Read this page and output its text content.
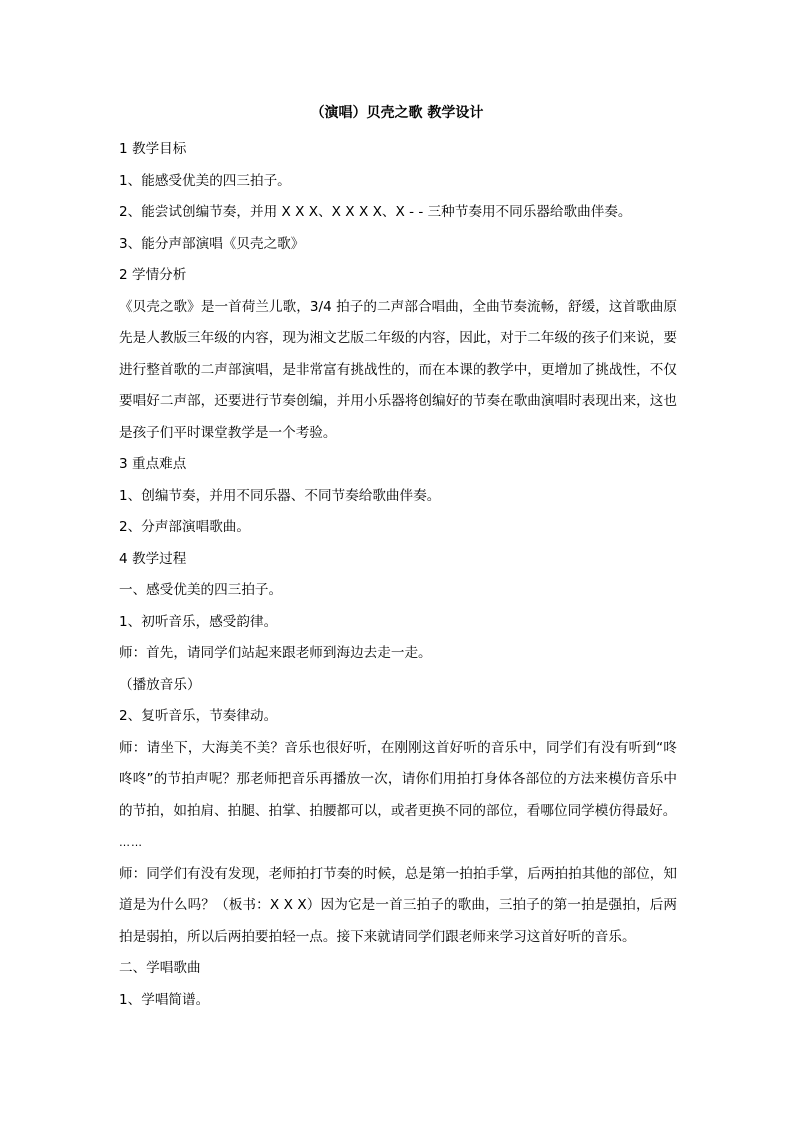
（演唱）贝壳之歌 教学设计

1 教学目标

1、能感受优美的四三拍子。

2、能尝试创编节奏，并用 X X X、X X X X、X - - 三种节奏用不同乐器给歌曲伴奏。

3、能分声部演唱《贝壳之歌》

2 学情分析

《贝壳之歌》是一首荷兰儿歌，3/4 拍子的二声部合唱曲，全曲节奏流畅，舒缓，这首歌曲原先是人教版三年级的内容，现为湘文艺版二年级的内容，因此，对于二年级的孩子们来说，要进行整首歌的二声部演唱，是非常富有挑战性的，而在本课的教学中，更增加了挑战性，不仅要唱好二声部，还要进行节奏创编，并用小乐器将创编好的节奏在歌曲演唱时表现出来，这也是孩子们平时课堂教学是一个考验。

3 重点难点

1、创编节奏，并用不同乐器、不同节奏给歌曲伴奏。

2、分声部演唱歌曲。

4 教学过程

一、感受优美的四三拍子。

1、初听音乐，感受韵律。

师：首先，请同学们站起来跟老师到海边去走一走。

（播放音乐）

2、复听音乐，节奏律动。

师：请坐下，大海美不美？音乐也很好听，在刚刚这首好听的音乐中，同学们有没有听到“咚咚咚”的节拍声呢？那老师把音乐再播放一次，请你们用拍打身体各部位的方法来模仿音乐中的节拍，如拍肩、拍腿、拍掌、拍腰都可以，或者更换不同的部位，看哪位同学模仿得最好。

……

师：同学们有没有发现，老师拍打节奏的时候，总是第一拍拍手掌，后两拍拍其他的部位，知道是为什么吗？（板书：X X X）因为它是一首三拍子的歌曲，三拍子的第一拍是强拍，后两拍是弱拍，所以后两拍要拍轻一点。接下来就请同学们跟老师来学习这首好听的音乐。

二、学唱歌曲

1、学唱简谱。
